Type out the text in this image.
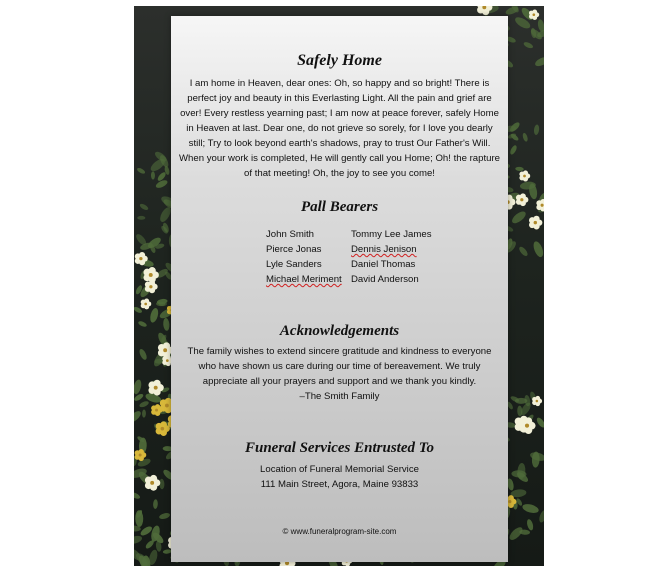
Safely Home

I am home in Heaven, dear ones: Oh, so happy and so bright! There is perfect joy and beauty in this Everlasting Light. All the pain and grief are over! Every restless yearning past; I am now at peace forever, safely Home in Heaven at last. Dear one, do not grieve so sorely, for I love you dearly still; Try to look beyond earth's shadows, pray to trust Our Father's Will. When your work is completed, He will gently call you Home; Oh! the rapture of that meeting! Oh, the joy to see you come!

Pall Bearers
John Smith
Pierce Jonas
Lyle Sanders
Michael Meriment
Tommy Lee James
Dennis Jenison
Daniel Thomas
David Anderson
Acknowledgements

The family wishes to extend sincere gratitude and kindness to everyone who have shown us care during our time of bereavement. We truly appreciate all your prayers and support and we thank you kindly.

–The Smith Family

Funeral Services Entrusted To

Location of Funeral Memorial Service

111 Main Street, Agora, Maine 93833

© www.funeralprogram-site.com
